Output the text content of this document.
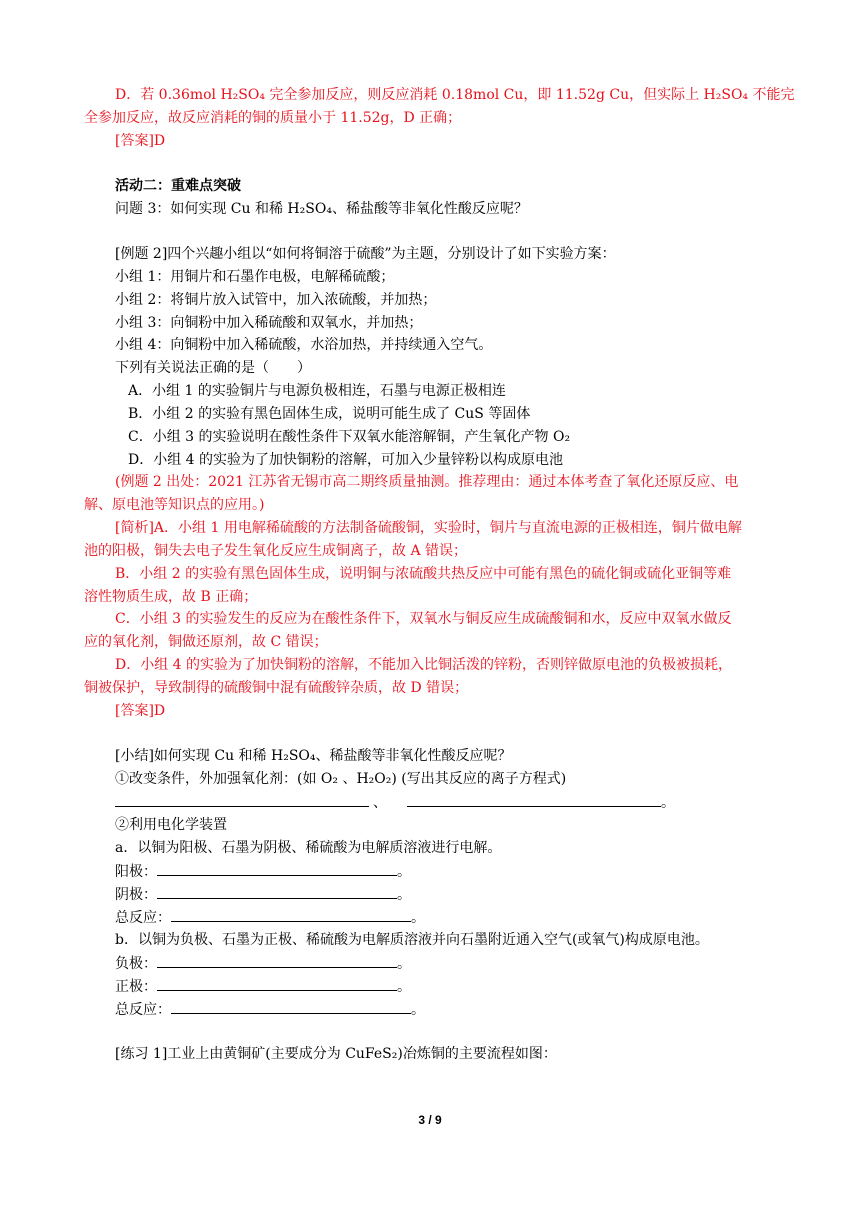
D．若 0.36mol H₂SO₄ 完全参加反应，则反应消耗 0.18mol Cu，即 11.52g Cu，但实际上 H₂SO₄ 不能完
全参加反应，故反应消耗的铜的质量小于 11.52g，D 正确；
[答案]D
活动二：重难点突破
问题 3：如何实现 Cu 和稀 H₂SO₄、稀盐酸等非氧化性酸反应呢？
[例题 2]四个兴趣小组以“如何将铜溶于硫酸”为主题，分别设计了如下实验方案：
小组 1：用铜片和石墨作电极，电解稀硫酸；
小组 2：将铜片放入试管中，加入浓硫酸，并加热；
小组 3：向铜粉中加入稀硫酸和双氧水，并加热；
小组 4：向铜粉中加入稀硫酸，水浴加热，并持续通入空气。
下列有关说法正确的是（　　）
A．小组 1 的实验铜片与电源负极相连，石墨与电源正极相连
B．小组 2 的实验有黑色固体生成，说明可能生成了 CuS 等固体
C．小组 3 的实验说明在酸性条件下双氧水能溶解铜，产生氧化产物 O₂
D．小组 4 的实验为了加快铜粉的溶解，可加入少量锌粉以构成原电池
(例题 2 出处：2021 江苏省无锡市高二期终质量抽测。推荐理由：通过本体考查了氧化还原反应、电
解、原电池等知识点的应用。)
[简析]A．小组 1 用电解稀硫酸的方法制备硫酸铜，实验时，铜片与直流电源的正极相连，铜片做电解
池的阳极，铜失去电子发生氧化反应生成铜离子，故 A 错误；
B．小组 2 的实验有黑色固体生成，说明铜与浓硫酸共热反应中可能有黑色的硫化铜或硫化亚铜等难
溶性物质生成，故 B 正确；
C．小组 3 的实验发生的反应为在酸性条件下，双氧水与铜反应生成硫酸铜和水，反应中双氧水做反
应的氧化剂，铜做还原剂，故 C 错误；
D．小组 4 的实验为了加快铜粉的溶解，不能加入比铜活泼的锌粉，否则锌做原电池的负极被损耗，
铜被保护，导致制得的硫酸铜中混有硫酸锌杂质，故 D 错误；
[答案]D
[小结]如何实现 Cu 和稀 H₂SO₄、稀盐酸等非氧化性酸反应呢？
①改变条件，外加强氧化剂：(如 O₂ 、H₂O₂) (写出其反应的离子方程式)
、	。
②利用电化学装置
a．以铜为阳极、石墨为阴极、稀硫酸为电解质溶液进行电解。
阳极：	。
阴极：	。
总反应：	。
b．以铜为负极、石墨为正极、稀硫酸为电解质溶液并向石墨附近通入空气(或氧气)构成原电池。
负极：	。
正极：	。
总反应：	。
[练习 1]工业上由黄铜矿(主要成分为 CuFeS₂)冶炼铜的主要流程如图：
3 / 9
